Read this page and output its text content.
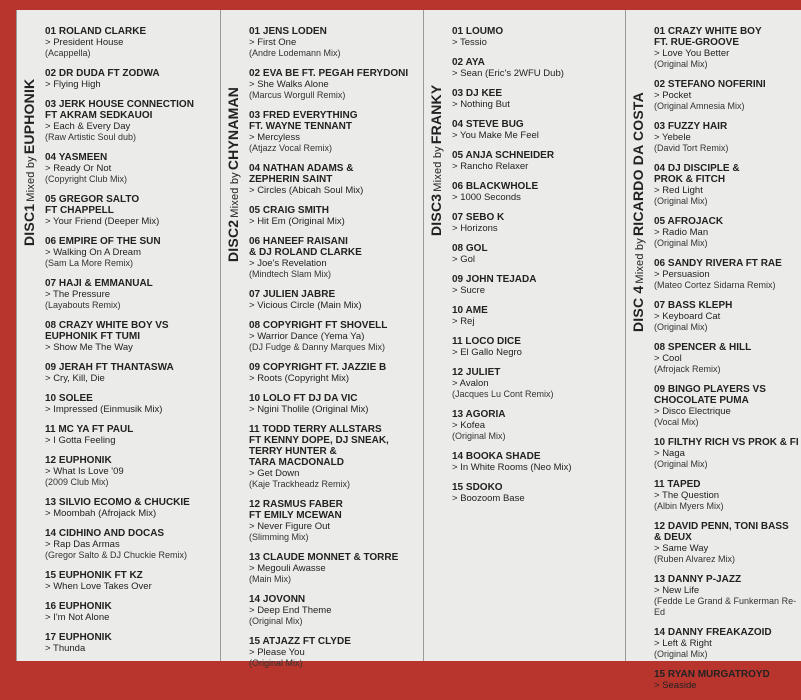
DISC1Mixed byEUPHONIK
01 ROLAND CLARKE
> President House
(Acappella)
02 DR DUDA FT ZODWA
> Flying High
03 JERK HOUSE CONNECTION
FT AKRAM SEDKAUOI
> Each & Every Day
(Raw Artistic Soul dub)
04 YASMEEN
> Ready Or Not
(Copyright Club Mix)
05 GREGOR SALTO
FT CHAPPELL
> Your Friend (Deeper Mix)
06 EMPIRE OF THE SUN
> Walking On A Dream
(Sam La More Remix)
07 HAJI & EMMANUAL
> The Pressure
(Layabouts Remix)
08 CRAZY WHITE BOY VS
EUPHONIK FT TUMI
> Show Me The Way
09 JERAH FT THANTASWA
> Cry, Kill, Die
10 SOLEE
> Impressed (Einmusik Mix)
11 MC YA FT PAUL
> I Gotta Feeling
12 EUPHONIK
> What Is Love '09
(2009 Club Mix)
13 SILVIO ECOMO & CHUCKIE
> Moombah (Afrojack Mix)
14 CIDHINO AND DOCAS
> Rap Das Armas
(Gregor Salto & DJ Chuckie Remix)
15 EUPHONIK FT KZ
> When Love Takes Over
16 EUPHONIK
> I'm Not Alone
17 EUPHONIK
> Thunda
DISC2Mixed byCHYNAMAN
01 JENS LODEN
> First One
(Andre Lodemann Mix)
02 EVA BE FT. PEGAH FERYDONI
> She Walks Alone
(Marcus Worgull Remix)
03 FRED EVERYTHING
FT. WAYNE TENNANT
> Mercyless
(Atjazz Vocal Remix)
04 NATHAN ADAMS &
ZEPHERIN SAINT
> Circles (Abicah Soul Mix)
05 CRAIG SMITH
> Hit Em (Original Mix)
06 HANEEF RAISANI
& DJ ROLAND CLARKE
> Joe's Revelation
(Mindtech Slam Mix)
07 JULIEN JABRE
> Vicious Circle (Main Mix)
08 COPYRIGHT FT SHOVELL
> Warrior Dance (Yema Ya)
(DJ Fudge & Danny Marques Mix)
09 COPYRIGHT FT. JAZZIE B
> Roots (Copyright Mix)
10 LOLO FT DJ DA VIC
> Ngini Tholile (Original Mix)
11 TODD TERRY ALLSTARS
FT KENNY DOPE, DJ SNEAK,
TERRY HUNTER &
TARA MACDONALD
> Get Down
(Kaje Trackheadz Remix)
12 RASMUS FABER
FT EMILY MCEWAN
> Never Figure Out
(Slimming Mix)
13 CLAUDE MONNET & TORRE
> Megouli Awasse
(Main Mix)
14 JOVONN
> Deep End Theme
(Original Mix)
15 ATJAZZ FT CLYDE
> Please You
(Original Mix)
DISC3Mixed byFRANKY
01 LOUMO
> Tessio
02 AYA
> Sean (Eric's 2WFU Dub)
03 DJ KEE
> Nothing But
04 STEVE BUG
> You Make Me Feel
05 ANJA SCHNEIDER
> Rancho Relaxer
06 BLACKWHOLE
> 1000 Seconds
07 SEBO K
> Horizons
08 GOL
> Gol
09 JOHN TEJADA
> Sucre
10 AME
> Rej
11 LOCO DICE
> El Gallo Negro
12 JULIET
> Avalon
(Jacques Lu Cont Remix)
13 AGORIA
> Kofea
(Original Mix)
14 BOOKA SHADE
> In White Rooms (Neo Mix)
15 SDOKO
> Boozoom Base
DISC 4Mixed byRICARDO DA COSTA
01 CRAZY WHITE BOY
FT. RUE-GROOVE
> Love You Better
(Original Mix)
02 STEFANO NOFERINI
> Pocket
(Original Amnesia Mix)
03 FUZZY HAIR
> Yebele
(David Tort Remix)
04 DJ DISCIPLE &
PROK & FITCH
> Red Light
(Original Mix)
05 AFROJACK
> Radio Man
(Original Mix)
06 SANDY RIVERA FT RAE
> Persuasion
(Mateo Cortez Sidarna Remix)
07 BASS KLEPH
> Keyboard Cat
(Original Mix)
08 SPENCER & HILL
> Cool
(Afrojack Remix)
09 BINGO PLAYERS VS
CHOCOLATE PUMA
> Disco Electrique
(Vocal Mix)
10 FILTHY RICH VS PROK & FI
> Naga
(Original Mix)
11 TAPED
> The Question
(Albin Myers Mix)
12 DAVID PENN, TONI BASS
& DEUX
> Same Way
(Ruben Alvarez Mix)
13 DANNY P-JAZZ
> New Life
(Fedde Le Grand & Funkerman Re-Ed
14 DANNY FREAKAZOID
> Left & Right
(Original Mix)
15 RYAN MURGATROYD
> Seaside
